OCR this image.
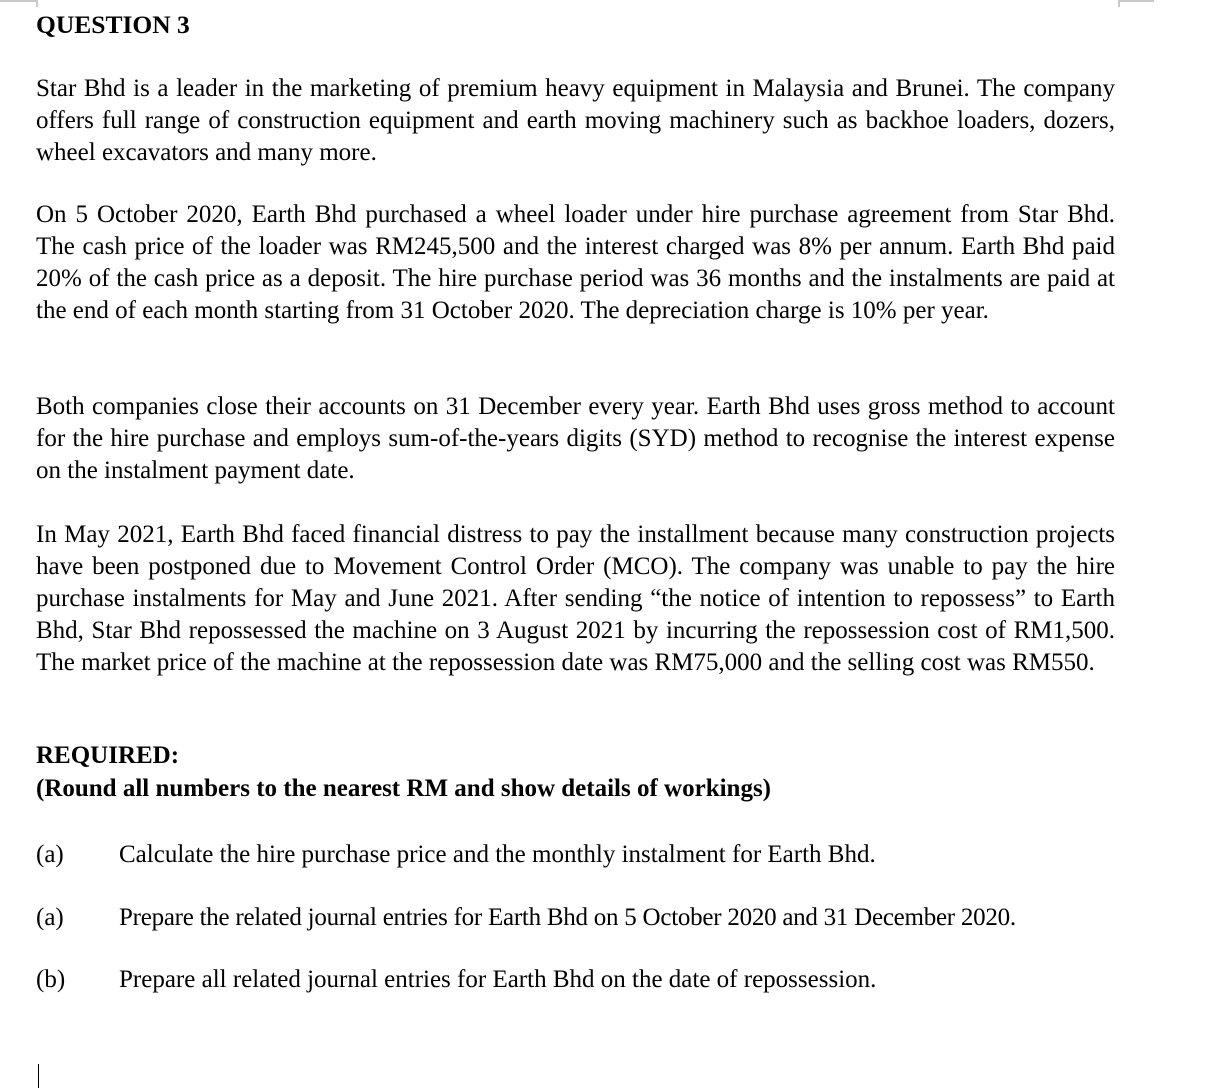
QUESTION 3
Star Bhd is a leader in the marketing of premium heavy equipment in Malaysia and Brunei. The company offers full range of construction equipment and earth moving machinery such as backhoe loaders, dozers, wheel excavators and many more.
On 5 October 2020, Earth Bhd purchased a wheel loader under hire purchase agreement from Star Bhd. The cash price of the loader was RM245,500 and the interest charged was 8% per annum. Earth Bhd paid 20% of the cash price as a deposit. The hire purchase period was 36 months and the instalments are paid at the end of each month starting from 31 October 2020. The depreciation charge is 10% per year.
Both companies close their accounts on 31 December every year. Earth Bhd uses gross method to account for the hire purchase and employs sum-of-the-years digits (SYD) method to recognise the interest expense on the instalment payment date.
In May 2021, Earth Bhd faced financial distress to pay the installment because many construction projects have been postponed due to Movement Control Order (MCO). The company was unable to pay the hire purchase instalments for May and June 2021. After sending “the notice of intention to repossess” to Earth Bhd, Star Bhd repossessed the machine on 3 August 2021 by incurring the repossession cost of RM1,500. The market price of the machine at the repossession date was RM75,000 and the selling cost was RM550.
REQUIRED:
(Round all numbers to the nearest RM and show details of workings)
(a) Calculate the hire purchase price and the monthly instalment for Earth Bhd.
(a) Prepare the related journal entries for Earth Bhd on 5 October 2020 and 31 December 2020.
(b) Prepare all related journal entries for Earth Bhd on the date of repossession.
